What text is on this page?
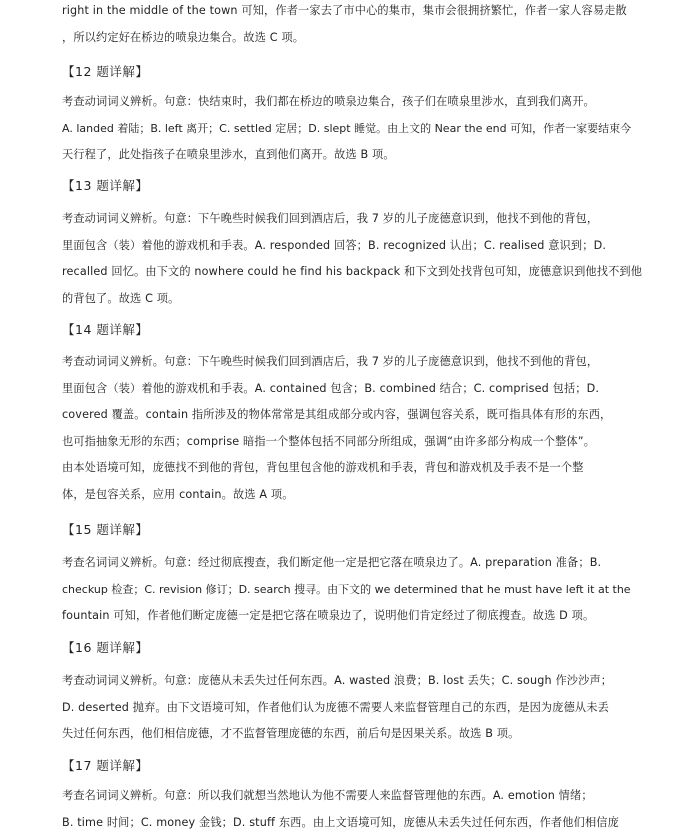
right in the middle of the town 可知，作者一家去了市中心的集市，集市会很拥挤繁忙，作者一家人容易走散
，所以约定好在桥边的喷泉边集合。故选 C 项。
【12 题详解】
考查动词词义辨析。句意：快结束时，我们都在桥边的喷泉边集合，孩子们在喷泉里涉水，直到我们离开。
A. landed 着陆；B. left 离开；C. settled 定居；D. slept 睡觉。由上文的 Near the end 可知，作者一家要结束今
天行程了，此处指孩子在喷泉里涉水，直到他们离开。故选 B 项。
【13 题详解】
考查动词词义辨析。句意：下午晚些时候我们回到酒店后，我 7 岁的儿子庞德意识到，他找不到他的背包，
里面包含（装）着他的游戏机和手表。A. responded 回答；B. recognized 认出；C. realised 意识到；D.
recalled 回忆。由下文的 nowhere could he find his backpack 和下文到处找背包可知，庞德意识到他找不到他
的背包了。故选 C 项。
【14 题详解】
考查动词词义辨析。句意：下午晚些时候我们回到酒店后，我 7 岁的儿子庞德意识到，他找不到他的背包，
里面包含（装）着他的游戏机和手表。A. contained 包含；B. combined 结合；C. comprised 包括；D.
covered 覆盖。contain 指所涉及的物体常常是其组成部分或内容，强调包容关系，既可指具体有形的东西，
也可指抽象无形的东西；comprise 暗指一个整体包括不同部分所组成，强调“由许多部分构成一个整体”。
由本处语境可知，庞德找不到他的背包，背包里包含他的游戏机和手表，背包和游戏机及手表不是一个整
体，是包容关系，应用 contain。故选 A 项。
【15 题详解】
考查名词词义辨析。句意：经过彻底搜查，我们断定他一定是把它落在喷泉边了。A. preparation 准备；B.
checkup 检查；C. revision 修订；D. search 搜寻。由下文的 we determined that he must have left it at the
fountain 可知，作者他们断定庞德一定是把它落在喷泉边了，说明他们肯定经过了彻底搜查。故选 D 项。
【16 题详解】
考查动词词义辨析。句意：庞德从未丢失过任何东西。A. wasted 浪费；B. lost 丢失；C. sough 作沙沙声；
D. deserted 抛弃。由下文语境可知，作者他们认为庞德不需要人来监督管理自己的东西，是因为庞德从未丢
失过任何东西，他们相信庞德，才不监督管理庞德的东西，前后句是因果关系。故选 B 项。
【17 题详解】
考查名词词义辨析。句意：所以我们就想当然地认为他不需要人来监督管理他的东西。A. emotion 情绪；
B. time 时间；C. money 金钱；D. stuff 东西。由上文语境可知，庞德从未丢失过任何东西，作者他们相信庞
